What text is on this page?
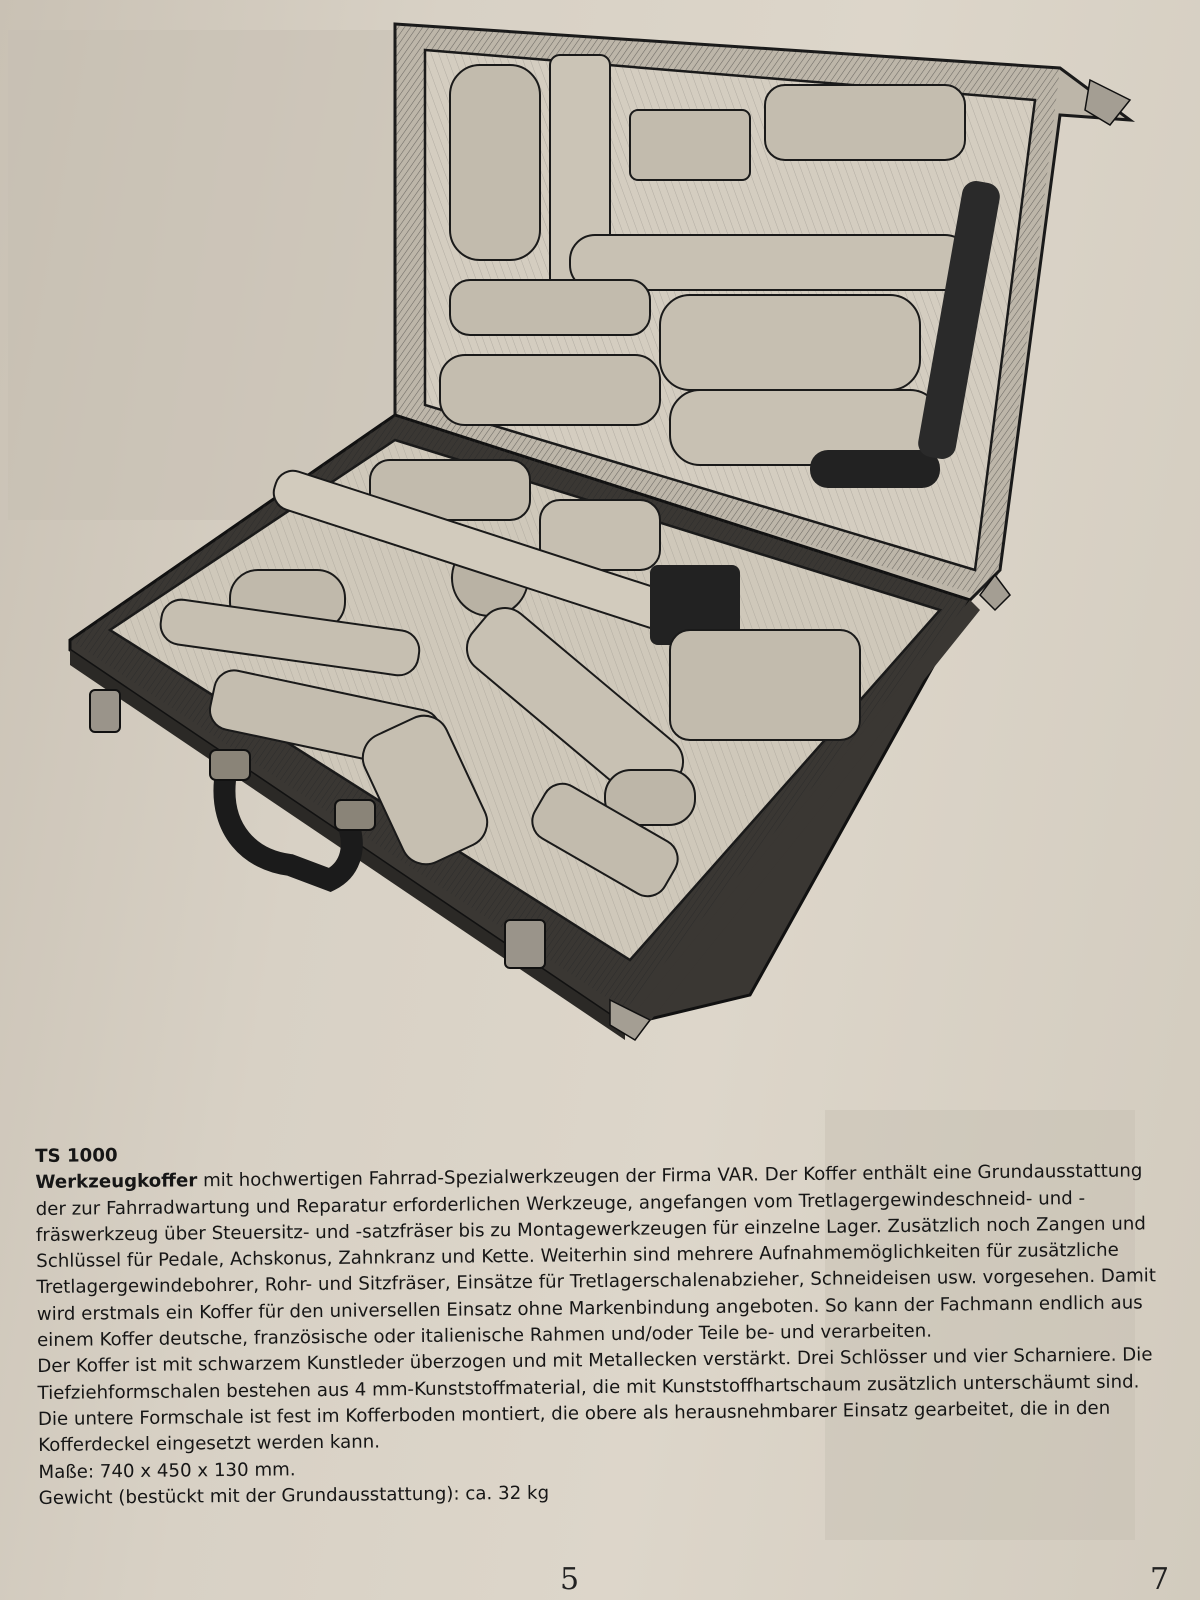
TS 1000

Werkzeugkoffer mit hochwertigen Fahrrad-Spezialwerkzeugen der Firma VAR. Der Koffer enthält eine Grundausstattung der zur Fahrradwartung und Reparatur erforderlichen Werkzeuge, angefangen vom Tretlagergewindeschneid- und -fräswerkzeug über Steuersitz- und -satzfräser bis zu Montagewerkzeugen für einzelne Lager. Zusätzlich noch Zangen und Schlüssel für Pedale, Achskonus, Zahnkranz und Kette. Weiterhin sind mehrere Aufnahmemöglichkeiten für zusätzliche Tretlagergewindebohrer, Rohr- und Sitzfräser, Einsätze für Tretlagerschalenabzieher, Schneideisen usw. vorgesehen. Damit wird erstmals ein Koffer für den universellen Einsatz ohne Markenbindung angeboten. So kann der Fachmann endlich aus einem Koffer deutsche, französische oder italienische Rahmen und/oder Teile be- und verarbeiten.

Der Koffer ist mit schwarzem Kunstleder überzogen und mit Metallecken verstärkt. Drei Schlösser und vier Scharniere. Die Tiefziehformschalen bestehen aus 4 mm-Kunststoffmaterial, die mit Kunststoffhartschaum zusätzlich unterschäumt sind. Die untere Formschale ist fest im Kofferboden montiert, die obere als herausnehmbarer Einsatz gearbeitet, die in den Kofferdeckel eingesetzt werden kann.

Maße: 740 x 450 x 130 mm.

Gewicht (bestückt mit der Grundausstattung): ca. 32 kg

5	7
